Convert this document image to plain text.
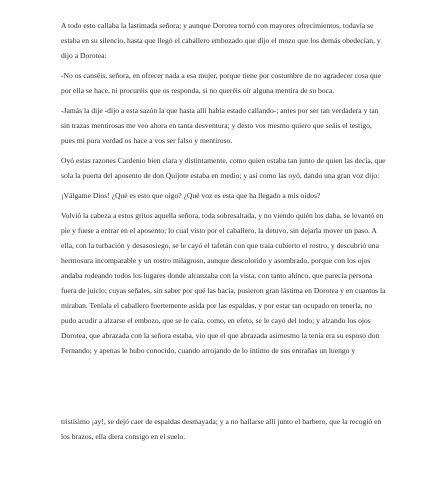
A todo esto callaba la lastimada señora; y aunque Dorotea tornó con mayores ofrecimientos, todavía se estaba en su silencio, hasta que llegó el caballero embozado que dijo el mozo que los demás obedecían, y dijo a Dorotea:

-No os canséis, señora, en ofrecer nada a esa mujer, porque tiene por costumbre de no agradecer cosa que por ella se hace, ni procuréis que os responda, si no queréis oír alguna mentira de su boca.

-Jamás la dije -dijo a esta sazón la que hasta allí había estado callando-; antes por ser tan verdadera y tan sin trazas mentirosas me veo ahora en tanta desventura; y desto vos mesmo quiero que seáis el testigo, pues mi pura verdad os hace a vos ser falso y mentiroso.

Oyó estas razones Cardenio bien clara y distintamente, como quien estaba tan junto de quien las decía, que sola la puerta del aposento de don Quijote estaba en medio; y así como las oyó, dando una gran voz dijo:

¡Válgame Dios! ¿Qué es esto que oigo? ¿Qué voz es esta que ha llegado a mis oídos?

Volvió la cabeza a estos gritos aquella señora, toda sobresaltada, y no viendo quién los daba, se levantó en pie y fuese a entrar en el aposento; lo cual visto por el caballero, la detuvo, sin dejarla mover un paso. A ella, con la turbación y desasosiego, se le cayó el tafetán con que traía cubierto el rostro, y descubrió una hermosura incomparable y un rostro milagroso, aunque descolorido y asombrado, porque con los ojos andaba rodeando todos los lugares donde alcanzaba con la vista, con tanto ahínco, que parecía persona fuera de juicio; cuyas señales, sin saber por qué las hacía, pusieron gran lástima en Dorotea y en cuantos la miraban. Teníala el caballero fuertemente asida por las espaldas, y por estar tan ocupado en tenerla, no pudo acudir a alzarse el embozo, que se le caía, como, en efeto, se le cayó del todo; y alzando los ojos Dorotea, que abrazada con la señora estaba, vio que el que abrazada asimesmo la tenía era su esposo don Fernando; y apenas le hubo conocido, cuando arrojando de lo íntimo de sus entrañas un luengo y

tristísimo ¡ay!, se dejó caer de espaldas desmayada; y a no hallarse allí junto el barbero, que la recogió en los brazos, ella diera consigo en el suelo.
